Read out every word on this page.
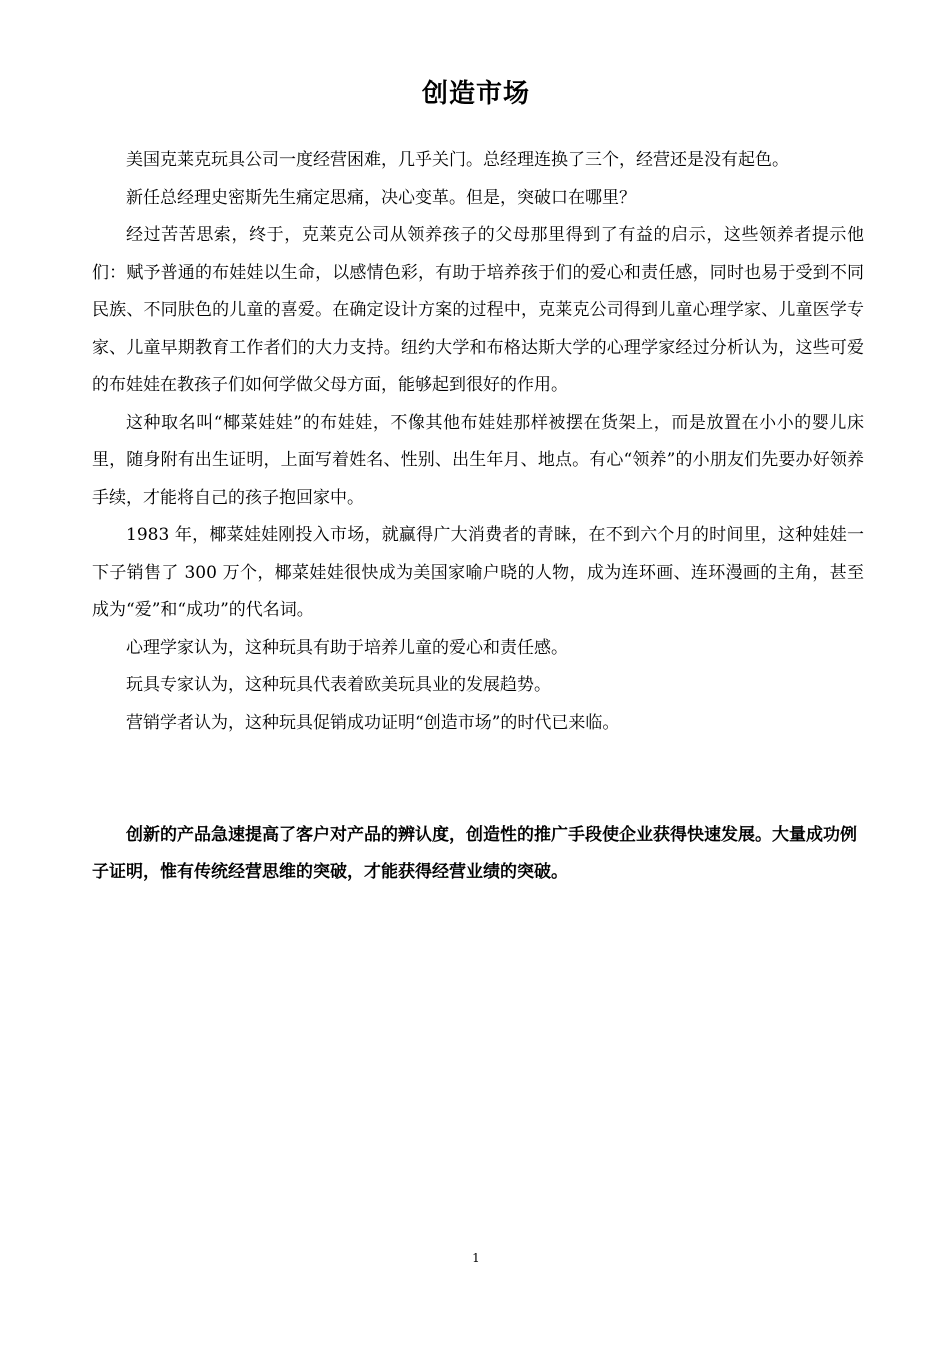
创造市场

美国克莱克玩具公司一度经营困难，几乎关门。总经理连换了三个，经营还是没有起色。

新任总经理史密斯先生痛定思痛，决心变革。但是，突破口在哪里？

经过苦苦思索，终于，克莱克公司从领养孩子的父母那里得到了有益的启示，这些领养者提示他们：赋予普通的布娃娃以生命，以感情色彩，有助于培养孩于们的爱心和责任感，同时也易于受到不同民族、不同肤色的儿童的喜爱。在确定设计方案的过程中，克莱克公司得到儿童心理学家、儿童医学专家、儿童早期教育工作者们的大力支持。纽约大学和布格达斯大学的心理学家经过分析认为，这些可爱的布娃娃在教孩子们如何学做父母方面，能够起到很好的作用。

这种取名叫“椰菜娃娃”的布娃娃，不像其他布娃娃那样被摆在货架上，而是放置在小小的婴儿床里，随身附有出生证明，上面写着姓名、性别、出生年月、地点。有心“领养”的小朋友们先要办好领养手续，才能将自己的孩子抱回家中。

1983 年，椰菜娃娃刚投入市场，就赢得广大消费者的青睐，在不到六个月的时间里，这种娃娃一下子销售了 300 万个，椰菜娃娃很快成为美国家喻户晓的人物，成为连环画、连环漫画的主角，甚至成为“爱”和“成功”的代名词。

心理学家认为，这种玩具有助于培养儿童的爱心和责任感。

玩具专家认为，这种玩具代表着欧美玩具业的发展趋势。

营销学者认为，这种玩具促销成功证明“创造市场”的时代已来临。

创新的产品急速提高了客户对产品的辨认度，创造性的推广手段使企业获得快速发展。大量成功例子证明，惟有传统经营思维的突破，才能获得经营业绩的突破。

1
